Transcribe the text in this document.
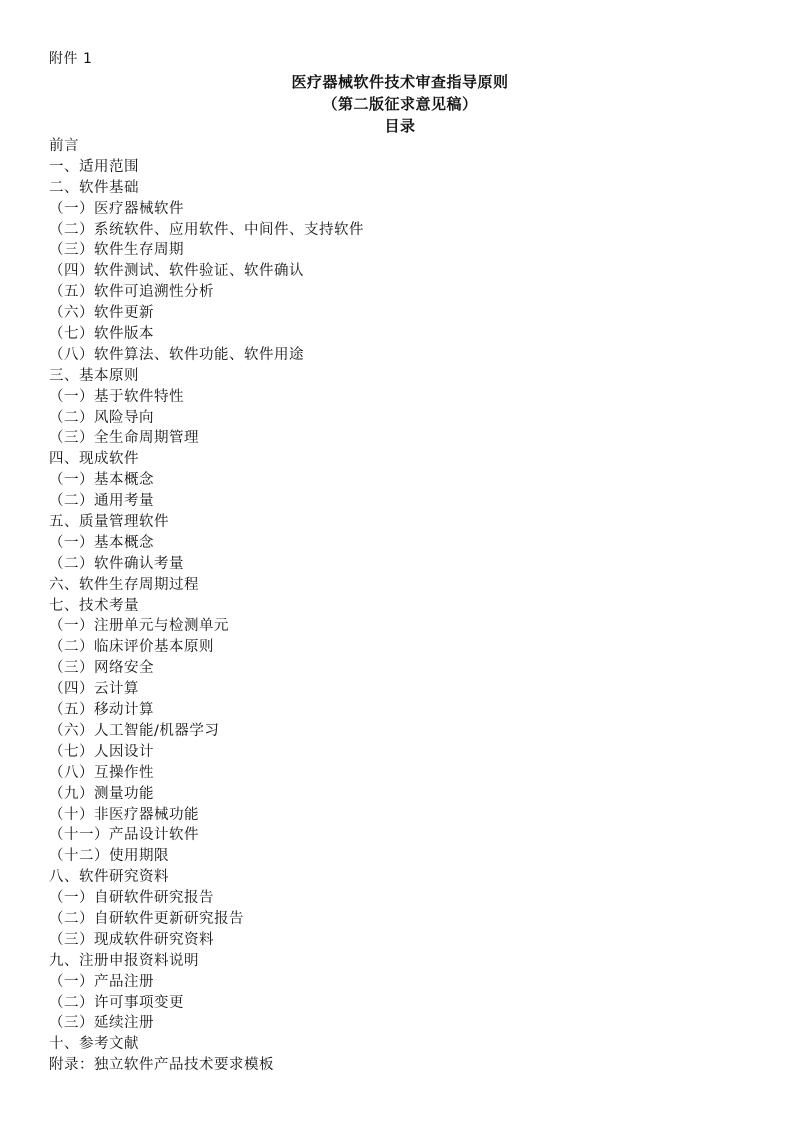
附件 1
医疗器械软件技术审查指导原则
（第二版征求意见稿）
目录
前言
一、适用范围
二、软件基础
（一）医疗器械软件
（二）系统软件、应用软件、中间件、支持软件
（三）软件生存周期
（四）软件测试、软件验证、软件确认
（五）软件可追溯性分析
（六）软件更新
（七）软件版本
（八）软件算法、软件功能、软件用途
三、基本原则
（一）基于软件特性
（二）风险导向
（三）全生命周期管理
四、现成软件
（一）基本概念
（二）通用考量
五、质量管理软件
（一）基本概念
（二）软件确认考量
六、软件生存周期过程
七、技术考量
（一）注册单元与检测单元
（二）临床评价基本原则
（三）网络安全
（四）云计算
（五）移动计算
（六）人工智能/机器学习
（七）人因设计
（八）互操作性
（九）测量功能
（十）非医疗器械功能
（十一）产品设计软件
（十二）使用期限
八、软件研究资料
（一）自研软件研究报告
（二）自研软件更新研究报告
（三）现成软件研究资料
九、注册申报资料说明
（一）产品注册
（二）许可事项变更
（三）延续注册
十、参考文献
附录：独立软件产品技术要求模板
